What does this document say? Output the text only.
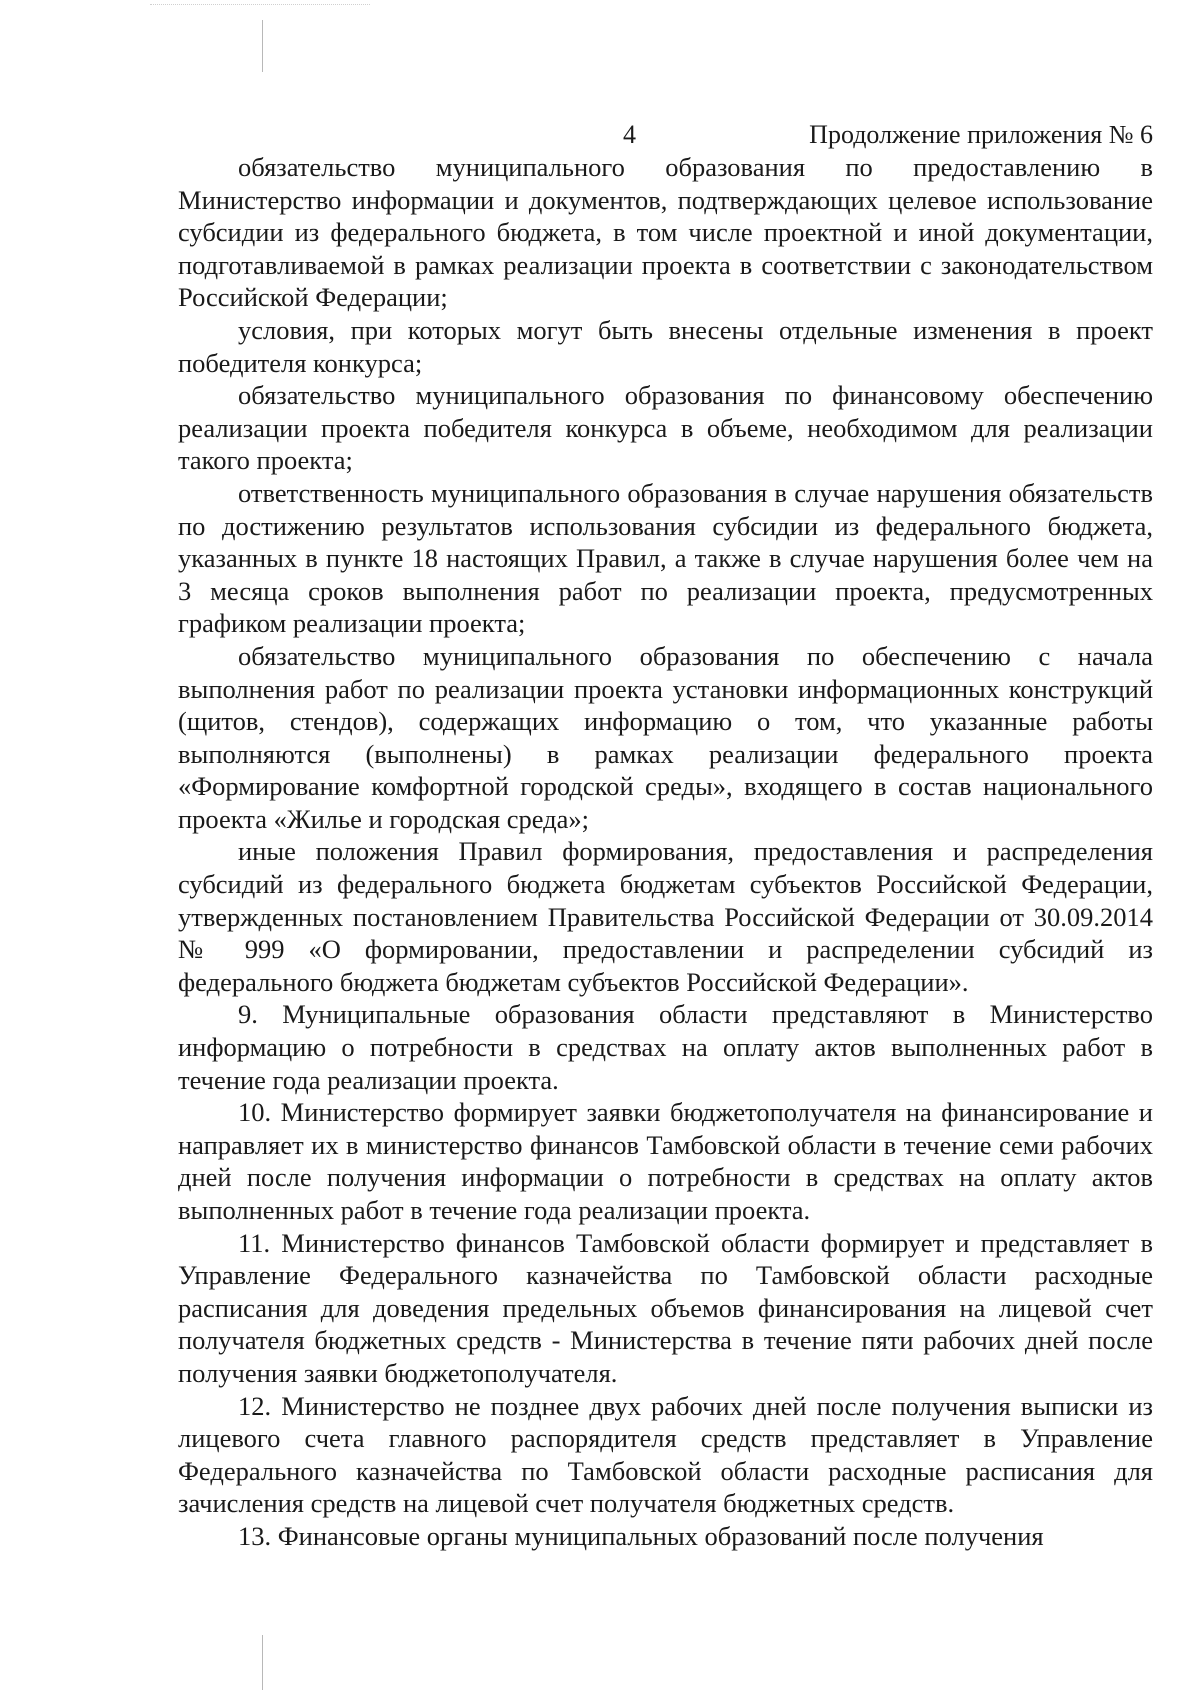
4	Продолжение приложения № 6

обязательство муниципального образования по предоставлению в Министерство информации и документов, подтверждающих целевое использование субсидии из федерального бюджета, в том числе проектной и иной документации, подготавливаемой в рамках реализации проекта в соответствии с законодательством Российской Федерации;

условия, при которых могут быть внесены отдельные изменения в проект победителя конкурса;

обязательство муниципального образования по финансовому обеспечению реализации проекта победителя конкурса в объеме, необходимом для реализации такого проекта;

ответственность муниципального образования в случае нарушения обязательств по достижению результатов использования субсидии из федерального бюджета, указанных в пункте 18 настоящих Правил, а также в случае нарушения более чем на 3 месяца сроков выполнения работ по реализации проекта, предусмотренных графиком реализации проекта;

обязательство муниципального образования по обеспечению с начала выполнения работ по реализации проекта установки информационных конструкций (щитов, стендов), содержащих информацию о том, что указанные работы выполняются (выполнены) в рамках реализации федерального проекта «Формирование комфортной городской среды», входящего в состав национального проекта «Жилье и городская среда»;

иные положения Правил формирования, предоставления и распределения субсидий из федерального бюджета бюджетам субъектов Российской Федерации, утвержденных постановлением Правительства Российской Федерации от 30.09.2014 № 999 «О формировании, предоставлении и распределении субсидий из федерального бюджета бюджетам субъектов Российской Федерации».

9. Муниципальные образования области представляют в Министерство информацию о потребности в средствах на оплату актов выполненных работ в течение года реализации проекта.

10. Министерство формирует заявки бюджетополучателя на финансирование и направляет их в министерство финансов Тамбовской области в течение семи рабочих дней после получения информации о потребности в средствах на оплату актов выполненных работ в течение года реализации проекта.

11. Министерство финансов Тамбовской области формирует и представляет в Управление Федерального казначейства по Тамбовской области расходные расписания для доведения предельных объемов финансирования на лицевой счет получателя бюджетных средств - Министерства в течение пяти рабочих дней после получения заявки бюджетополучателя.

12. Министерство не позднее двух рабочих дней после получения выписки из лицевого счета главного распорядителя средств представляет в Управление Федерального казначейства по Тамбовской области расходные расписания для зачисления средств на лицевой счет получателя бюджетных средств.

13. Финансовые органы муниципальных образований после получения
